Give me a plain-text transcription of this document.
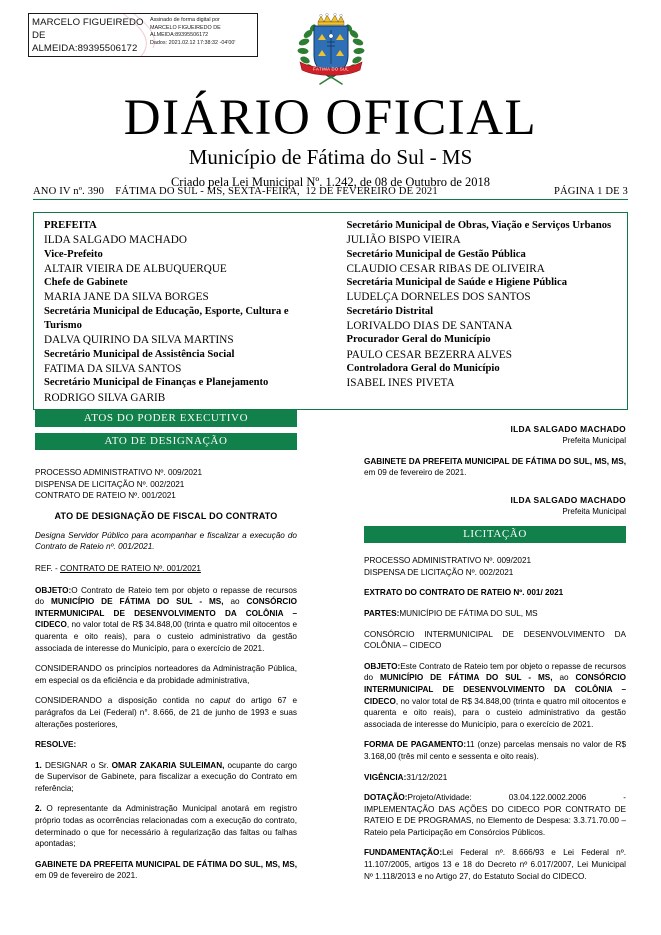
MARCELO FIGUEIREDO DE ALMEIDA:89395506172
Assinado de forma digital por
MARCELO FIGUEIREDO DE
ALMEIDA:89395506172
Dados: 2021.02.12 17:38:32 -04'00'
FÁTIMA DO SUL
DIÁRIO OFICIAL
Município de Fátima do Sul - MS
Criado pela Lei Municipal Nº. 1.242, de 08 de Outubro de 2018
ANO IV nº. 390    FÁTIMA DO SUL - MS, SEXTA-FEIRA,  12 DE FEVEREIRO DE 2021	PÁGINA 1 DE 3
PREFEITA
ILDA SALGADO MACHADO
Vice-Prefeito
ALTAIR VIEIRA DE ALBUQUERQUE
Chefe de Gabinete
MARIA JANE DA SILVA BORGES
Secretária Municipal de Educação, Esporte, Cultura e Turismo
DALVA QUIRINO DA SILVA MARTINS
Secretário Municipal de Assistência Social
FATIMA DA SILVA SANTOS
Secretário Municipal de Finanças e Planejamento
RODRIGO SILVA GARIB
Secretário Municipal de Obras, Viação e Serviços Urbanos
JULIÃO BISPO VIEIRA
Secretário Municipal de Gestão Pública
CLAUDIO CESAR RIBAS DE OLIVEIRA
Secretária Municipal de Saúde e Higiene Pública
LUDELÇA DORNELES DOS SANTOS
Secretário Distrital
LORIVALDO DIAS DE SANTANA
Procurador Geral do Município
PAULO CESAR BEZERRA ALVES
Controladora Geral do Município
ISABEL INES PIVETA
ATOS DO PODER EXECUTIVO
ATO DE DESIGNAÇÃO

PROCESSO ADMINISTRATIVO Nº. 009/2021
DISPENSA DE LICITAÇÃO Nº. 002/2021
CONTRATO DE RATEIO Nº. 001/2021

ATO DE DESIGNAÇÃO DE FISCAL DO CONTRATO

Designa Servidor Público para acompanhar e fiscalizar a execução do Contrato de Rateio nº. 001/2021.

REF. - CONTRATO DE RATEIO Nº. 001/2021

OBJETO:O Contrato de Rateio tem por objeto o repasse de recursos do MUNICÍPIO DE FÁTIMA DO SUL - MS, ao CONSÓRCIO INTERMUNICIPAL DE DESENVOLVIMENTO DA COLÔNIA – CIDECO, no valor total de R$ 34.848,00 (trinta e quatro mil oitocentos e quarenta e oito reais), para o custeio administrativo da gestão associada de interesse do Município, para o exercício de 2021.

CONSIDERANDO os princípios norteadores da Administração Pública, em especial os da eficiência e da probidade administrativa,

CONSIDERANDO a disposição contida no caput do artigo 67 e parágrafos da Lei (Federal) n°. 8.666, de 21 de junho de 1993 e suas alterações posteriores,

RESOLVE:

1. DESIGNAR o Sr. OMAR ZAKARIA SULEIMAN, ocupante do cargo de Supervisor de Gabinete, para fiscalizar a execução do Contrato em referência;

2. O representante da Administração Municipal anotará em registro próprio todas as ocorrências relacionadas com a execução do contrato, determinado o que for necessário à regularização das faltas ou falhas apontadas;

GABINETE DA PREFEITA MUNICIPAL DE FÁTIMA DO SUL, MS, MS, em 09 de fevereiro de 2021.

ILDA SALGADO MACHADO
Prefeita Municipal

GABINETE DA PREFEITA MUNICIPAL DE FÁTIMA DO SUL, MS, MS, em 09 de fevereiro de 2021.

ILDA SALGADO MACHADO
Prefeita Municipal
LICITAÇÃO

PROCESSO ADMINISTRATIVO Nº. 009/2021
DISPENSA DE LICITAÇÃO Nº. 002/2021

EXTRATO DO CONTRATO DE RATEIO Nº. 001/ 2021

PARTES:MUNICÍPIO DE FÁTIMA DO SUL, MS

CONSÓRCIO INTERMUNICIPAL DE DESENVOLVIMENTO DA COLÔNIA – CIDECO

OBJETO:Este Contrato de Rateio tem por objeto o repasse de recursos do MUNICÍPIO DE FÁTIMA DO SUL - MS, ao CONSÓRCIO INTERMUNICIPAL DE DESENVOLVIMENTO DA COLÔNIA – CIDECO, no valor total de R$ 34.848,00 (trinta e quatro mil oitocentos e quarenta e oito reais), para o custeio administrativo da gestão associada de interesse do Município, para o exercício de 2021.

FORMA DE PAGAMENTO:11 (onze) parcelas mensais no valor de R$ 3.168,00 (três mil cento e sessenta e oito reais).

VIGÊNCIA:31/12/2021

DOTAÇÃO:Projeto/Atividade: 03.04.122.0002.2006 - IMPLEMENTAÇÃO DAS AÇÕES DO CIDECO POR CONTRATO DE RATEIO E DE PROGRAMAS, no Elemento de Despesa: 3.3.71.70.00 – Rateio pela Participação em Consórcios Públicos.

FUNDAMENTAÇÃO:Lei Federal nº. 8.666/93 e Lei Federal nº. 11.107/2005, artigos 13 e 18 do Decreto nº 6.017/2007, Lei Municipal Nº 1.118/2013 e no Artigo 27, do Estatuto Social do CIDECO.
